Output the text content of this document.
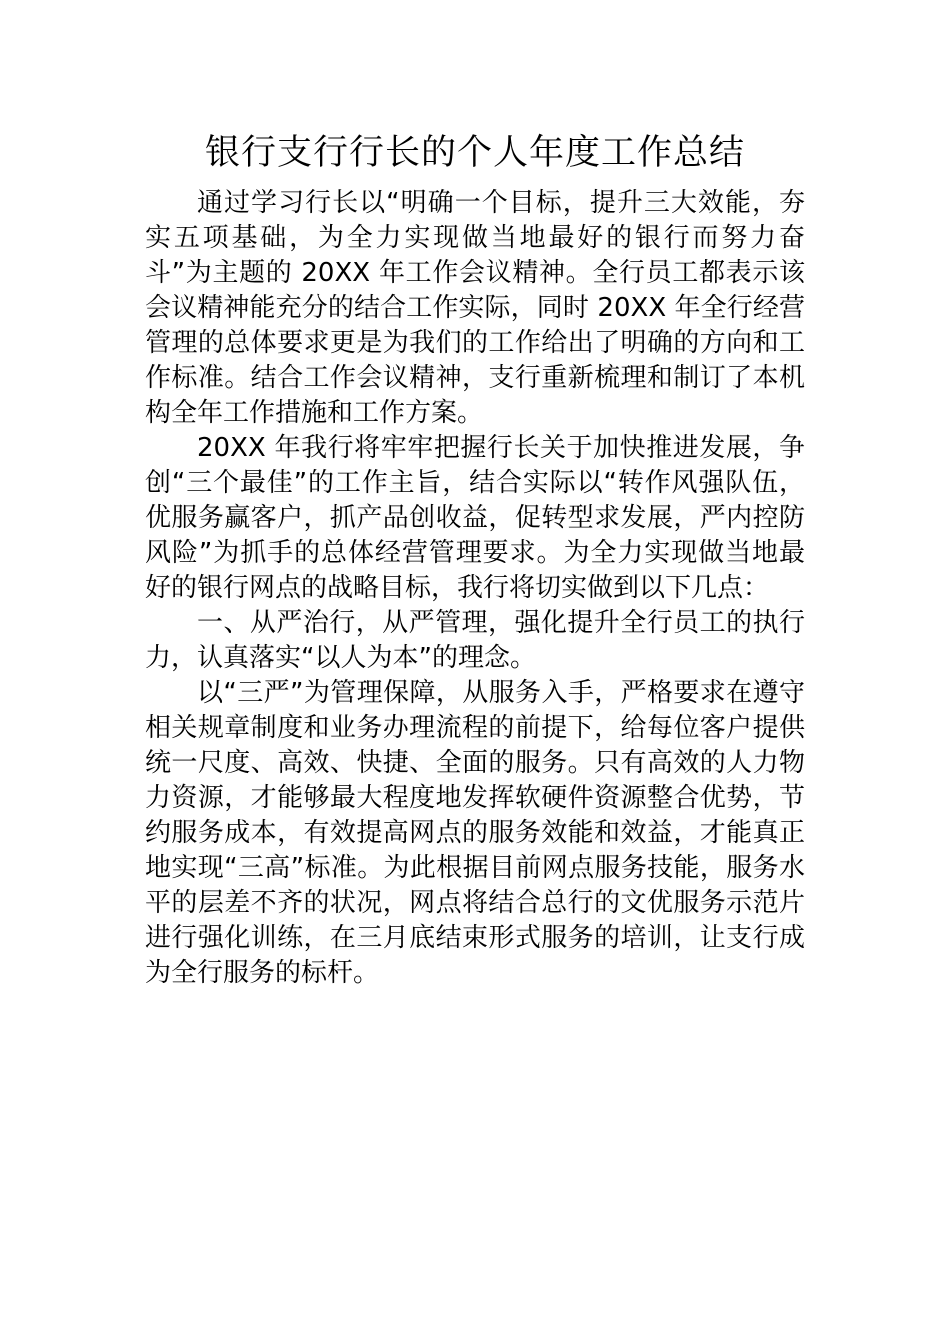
银行支行行长的个人年度工作总结

通过学习行长以“明确一个目标，提升三大效能，夯实五项基础，为全力实现做当地最好的银行而努力奋斗”为主题的 20XX 年工作会议精神。全行员工都表示该会议精神能充分的结合工作实际，同时 20XX 年全行经营管理的总体要求更是为我们的工作给出了明确的方向和工作标准。结合工作会议精神，支行重新梳理和制订了本机构全年工作措施和工作方案。

20XX 年我行将牢牢把握行长关于加快推进发展，争创“三个最佳”的工作主旨，结合实际以“转作风强队伍，优服务赢客户，抓产品创收益，促转型求发展，严内控防风险”为抓手的总体经营管理要求。为全力实现做当地最好的银行网点的战略目标，我行将切实做到以下几点：

一、从严治行，从严管理，强化提升全行员工的执行力，认真落实“以人为本”的理念。

以“三严”为管理保障，从服务入手，严格要求在遵守相关规章制度和业务办理流程的前提下，给每位客户提供统一尺度、高效、快捷、全面的服务。只有高效的人力物力资源，才能够最大程度地发挥软硬件资源整合优势，节约服务成本，有效提高网点的服务效能和效益，才能真正地实现“三高”标准。为此根据目前网点服务技能，服务水平的层差不齐的状况，网点将结合总行的文优服务示范片进行强化训练，在三月底结束形式服务的培训，让支行成为全行服务的标杆。
